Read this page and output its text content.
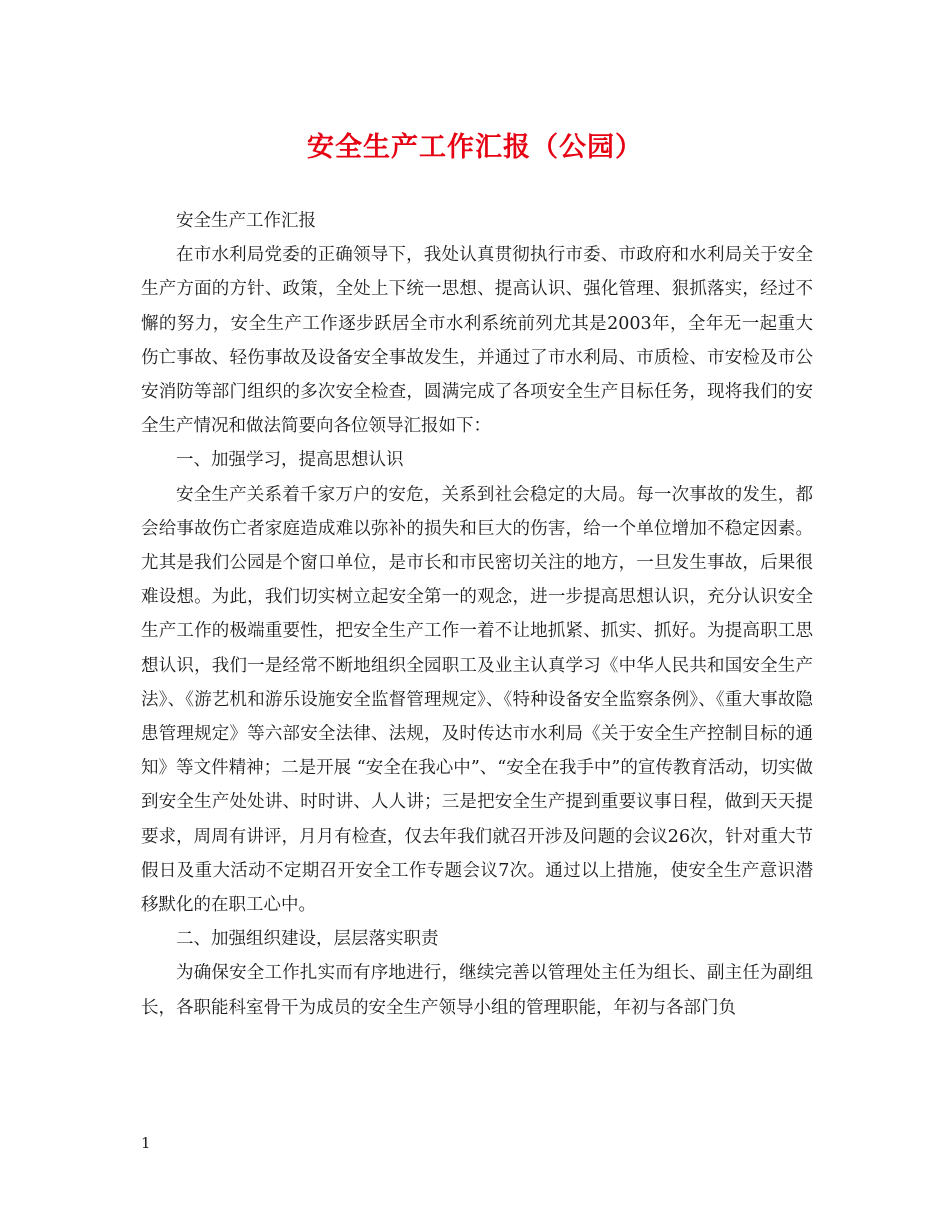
安全生产工作汇报（公园）

安全生产工作汇报

在市水利局党委的正确领导下，我处认真贯彻执行市委、市政府和水利局关于安全生产方面的方针、政策，全处上下统一思想、提高认识、强化管理、狠抓落实，经过不懈的努力，安全生产工作逐步跃居全市水利系统前列尤其是2003年，全年无一起重大伤亡事故、轻伤事故及设备安全事故发生，并通过了市水利局、市质检、市安检及市公安消防等部门组织的多次安全检查，圆满完成了各项安全生产目标任务，现将我们的安全生产情况和做法简要向各位领导汇报如下：

一、加强学习，提高思想认识

安全生产关系着千家万户的安危，关系到社会稳定的大局。每一次事故的发生，都会给事故伤亡者家庭造成难以弥补的损失和巨大的伤害，给一个单位增加不稳定因素。尤其是我们公园是个窗口单位，是市长和市民密切关注的地方，一旦发生事故，后果很难设想。为此，我们切实树立起安全第一的观念，进一步提高思想认识，充分认识安全生产工作的极端重要性，把安全生产工作一着不让地抓紧、抓实、抓好。为提高职工思想认识，我们一是经常不断地组织全园职工及业主认真学习《中华人民共和国安全生产法》、《游艺机和游乐设施安全监督管理规定》、《特种设备安全监察条例》、《重大事故隐患管理规定》等六部安全法律、法规，及时传达市水利局《关于安全生产控制目标的通知》等文件精神；二是开展 “安全在我心中”、“安全在我手中”的宣传教育活动，切实做到安全生产处处讲、时时讲、人人讲；三是把安全生产提到重要议事日程，做到天天提要求，周周有讲评，月月有检查，仅去年我们就召开涉及问题的会议26次，针对重大节假日及重大活动不定期召开安全工作专题会议7次。通过以上措施，使安全生产意识潜移默化的在职工心中。

二、加强组织建设，层层落实职责

为确保安全工作扎实而有序地进行，继续完善以管理处主任为组长、副主任为副组长，各职能科室骨干为成员的安全生产领导小组的管理职能，年初与各部门负

1
